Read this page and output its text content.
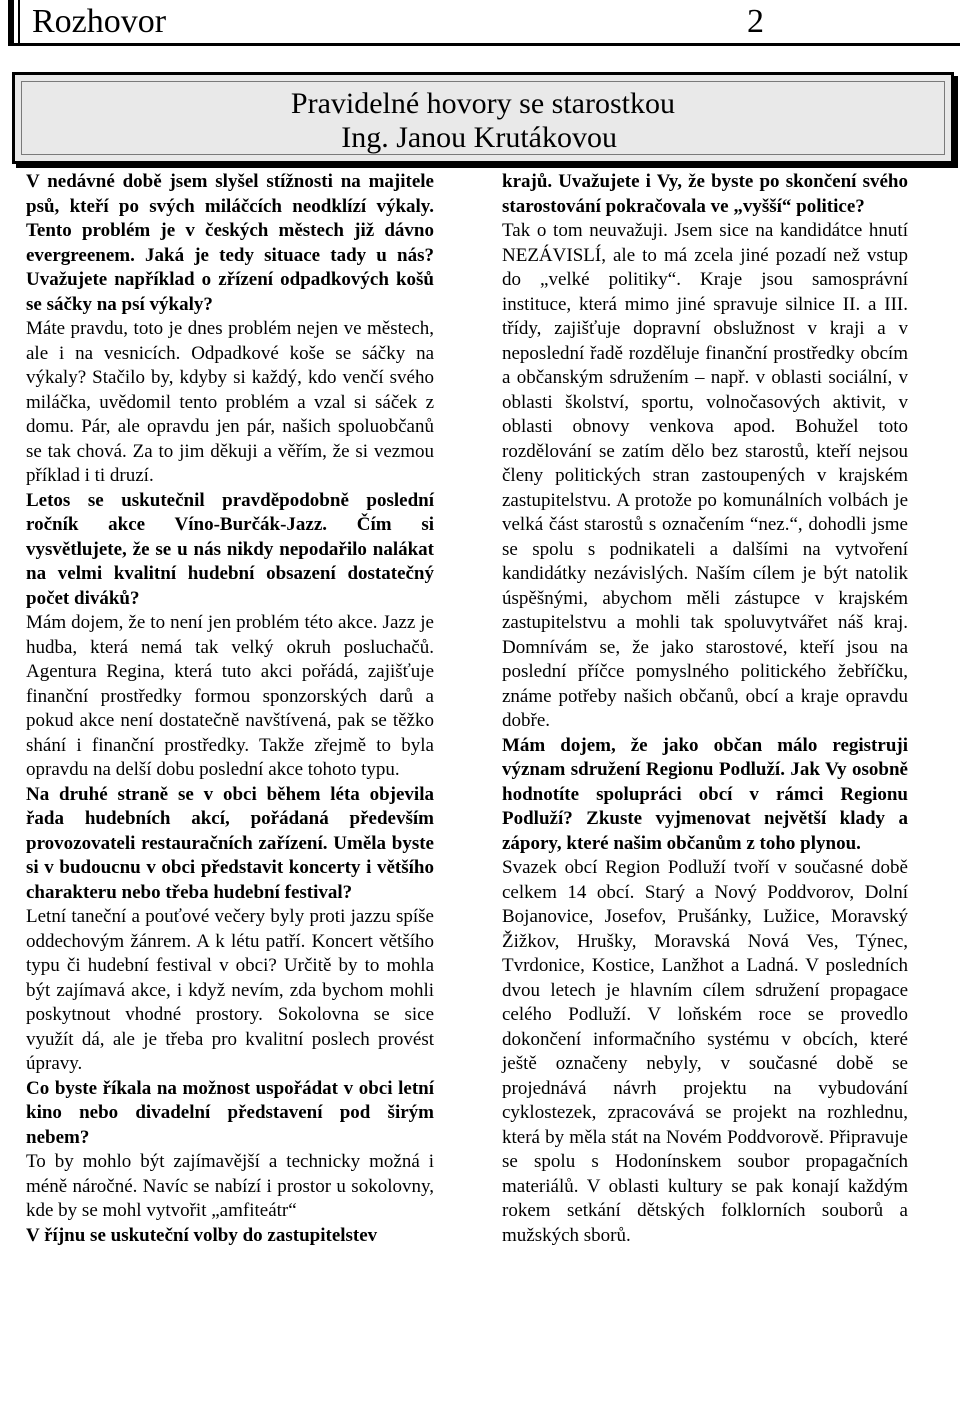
Rozhovor	2
Pravidelné hovory se starostkou
Ing. Janou Krutákovou

V nedávné době jsem slyšel stížnosti na majitele psů, kteří po svých miláčcích neodklízí výkaly. Tento problém je v českých městech již dávno evergreenem. Jaká je tedy situace tady u nás? Uvažujete například o zřízení odpadkových košů se sáčky na psí výkaly?

Máte pravdu, toto je dnes problém nejen ve městech, ale i na vesnicích. Odpadkové koše se sáčky na výkaly? Stačilo by, kdyby si každý, kdo venčí svého miláčka, uvědomil tento problém a vzal si sáček z domu. Pár, ale opravdu jen pár, našich spoluobčanů se tak chová. Za to jim děkuji a věřím, že si vezmou příklad i ti druzí.

Letos se uskutečnil pravděpodobně poslední ročník akce Víno-Burčák-Jazz. Čím si vysvětlujete, že se u nás nikdy nepodařilo nalákat na velmi kvalitní hudební obsazení dostatečný počet diváků?

Mám dojem, že to není jen problém této akce. Jazz je hudba, která nemá tak velký okruh posluchačů. Agentura Regina, která tuto akci pořádá, zajišťuje finanční prostředky formou sponzorských darů a pokud akce není dostatečně navštívená, pak se těžko shání i finanční prostředky. Takže zřejmě to byla opravdu na delší dobu poslední akce tohoto typu.

Na druhé straně se v obci během léta objevila řada hudebních akcí, pořádaná především provozovateli restauračních zařízení. Uměla byste si v budoucnu v obci představit koncerty i většího charakteru nebo třeba hudební festival?

Letní taneční a pouťové večery byly proti jazzu spíše oddechovým žánrem. A k létu patří. Koncert většího typu či hudební festival v obci? Určitě by to mohla být zajímavá akce, i když nevím, zda bychom mohli poskytnout vhodné prostory. Sokolovna se sice využít dá, ale je třeba pro kvalitní poslech provést úpravy.

Co byste říkala na možnost uspořádat v obci letní kino nebo divadelní představení pod širým nebem?

To by mohlo být zajímavější a technicky možná i méně náročné. Navíc se nabízí i prostor u sokolovny, kde by se mohl vytvořit „amfiteátr“

V říjnu se uskuteční volby do zastupitelstev

krajů. Uvažujete i Vy, že byste po skončení svého starostování pokračovala ve „vyšší“ politice?

Tak o tom neuvažuji. Jsem sice na kandidátce hnutí NEZÁVISLÍ, ale to má zcela jiné pozadí než vstup do „velké politiky“. Kraje jsou samosprávní instituce, která mimo jiné spravuje silnice II. a III. třídy, zajišťuje dopravní obslužnost v kraji a v neposlední řadě rozděluje finanční prostředky obcím a občanským sdružením – např. v oblasti sociální, v oblasti školství, sportu, volnočasových aktivit, v oblasti obnovy venkova apod. Bohužel toto rozdělování se zatím dělo bez starostů, kteří nejsou členy politických stran zastoupených v krajském zastupitelstvu. A protože po komunálních volbách je velká část starostů s označením “nez.“, dohodli jsme se spolu s podnikateli a dalšími na vytvoření kandidátky nezávislých. Naším cílem je být natolik úspěšnými, abychom měli zástupce v krajském zastupitelstvu a mohli tak spoluvytvářet náš kraj. Domnívám se, že jako starostové, kteří jsou na poslední příčce pomyslného politického žebříčku, známe potřeby našich občanů, obcí a kraje opravdu dobře.

Mám dojem, že jako občan málo registruji význam sdružení Regionu Podluží. Jak Vy osobně hodnotíte spolupráci obcí v rámci Regionu Podluží? Zkuste vyjmenovat největší klady a zápory, které našim občanům z toho plynou.

Svazek obcí Region Podluží tvoří v současné době celkem 14 obcí. Starý a Nový Poddvorov, Dolní Bojanovice, Josefov, Prušánky, Lužice, Moravský Žižkov, Hrušky, Moravská Nová Ves, Týnec, Tvrdonice, Kostice, Lanžhot a Ladná. V posledních dvou letech je hlavním cílem sdružení propagace celého Podluží. V loňském roce se provedlo dokončení informačního systému v obcích, které ještě označeny nebyly, v současné době se projednává návrh projektu na vybudování cyklostezek, zpracovává se projekt na rozhlednu, která by měla stát na Novém Poddvorově. Připravuje se spolu s Hodonínskem soubor propagačních materiálů. V oblasti kultury se pak konají každým rokem setkání dětských folklorních souborů a mužských sborů.
